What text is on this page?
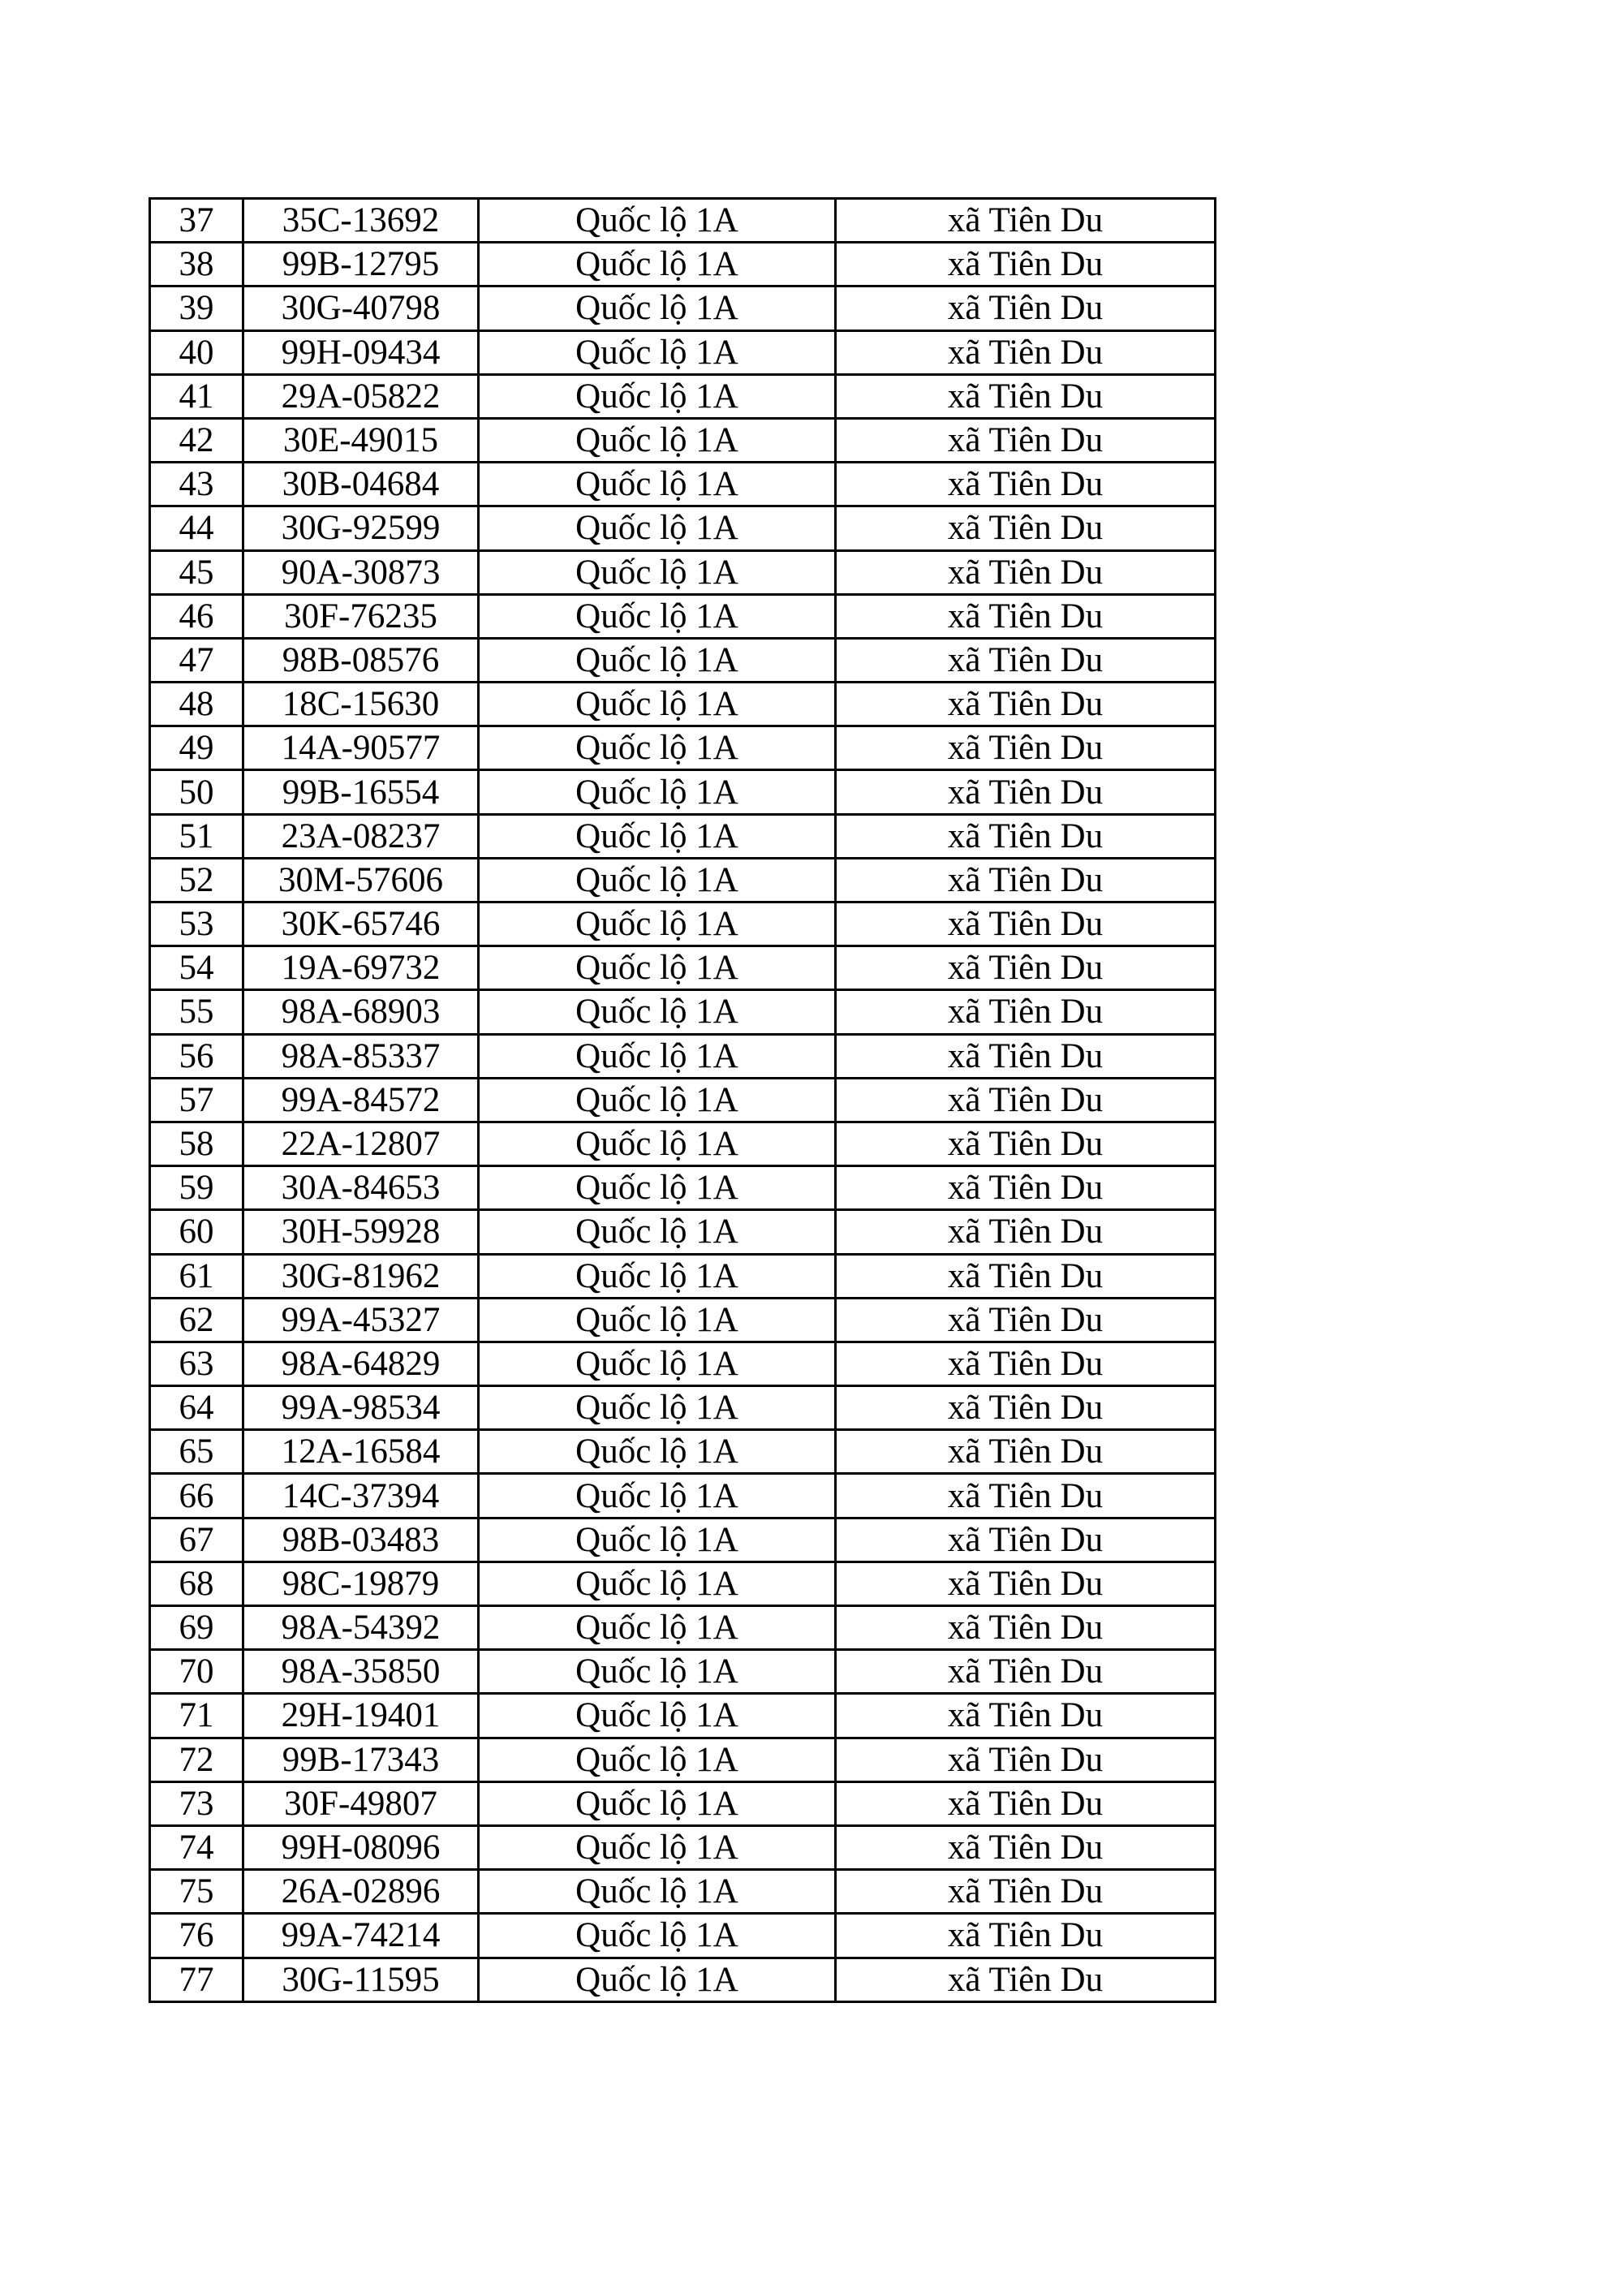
37	35C-13692	Quốc lộ 1A	xã Tiên Du
38	99B-12795	Quốc lộ 1A	xã Tiên Du
39	30G-40798	Quốc lộ 1A	xã Tiên Du
40	99H-09434	Quốc lộ 1A	xã Tiên Du
41	29A-05822	Quốc lộ 1A	xã Tiên Du
42	30E-49015	Quốc lộ 1A	xã Tiên Du
43	30B-04684	Quốc lộ 1A	xã Tiên Du
44	30G-92599	Quốc lộ 1A	xã Tiên Du
45	90A-30873	Quốc lộ 1A	xã Tiên Du
46	30F-76235	Quốc lộ 1A	xã Tiên Du
47	98B-08576	Quốc lộ 1A	xã Tiên Du
48	18C-15630	Quốc lộ 1A	xã Tiên Du
49	14A-90577	Quốc lộ 1A	xã Tiên Du
50	99B-16554	Quốc lộ 1A	xã Tiên Du
51	23A-08237	Quốc lộ 1A	xã Tiên Du
52	30M-57606	Quốc lộ 1A	xã Tiên Du
53	30K-65746	Quốc lộ 1A	xã Tiên Du
54	19A-69732	Quốc lộ 1A	xã Tiên Du
55	98A-68903	Quốc lộ 1A	xã Tiên Du
56	98A-85337	Quốc lộ 1A	xã Tiên Du
57	99A-84572	Quốc lộ 1A	xã Tiên Du
58	22A-12807	Quốc lộ 1A	xã Tiên Du
59	30A-84653	Quốc lộ 1A	xã Tiên Du
60	30H-59928	Quốc lộ 1A	xã Tiên Du
61	30G-81962	Quốc lộ 1A	xã Tiên Du
62	99A-45327	Quốc lộ 1A	xã Tiên Du
63	98A-64829	Quốc lộ 1A	xã Tiên Du
64	99A-98534	Quốc lộ 1A	xã Tiên Du
65	12A-16584	Quốc lộ 1A	xã Tiên Du
66	14C-37394	Quốc lộ 1A	xã Tiên Du
67	98B-03483	Quốc lộ 1A	xã Tiên Du
68	98C-19879	Quốc lộ 1A	xã Tiên Du
69	98A-54392	Quốc lộ 1A	xã Tiên Du
70	98A-35850	Quốc lộ 1A	xã Tiên Du
71	29H-19401	Quốc lộ 1A	xã Tiên Du
72	99B-17343	Quốc lộ 1A	xã Tiên Du
73	30F-49807	Quốc lộ 1A	xã Tiên Du
74	99H-08096	Quốc lộ 1A	xã Tiên Du
75	26A-02896	Quốc lộ 1A	xã Tiên Du
76	99A-74214	Quốc lộ 1A	xã Tiên Du
77	30G-11595	Quốc lộ 1A	xã Tiên Du
